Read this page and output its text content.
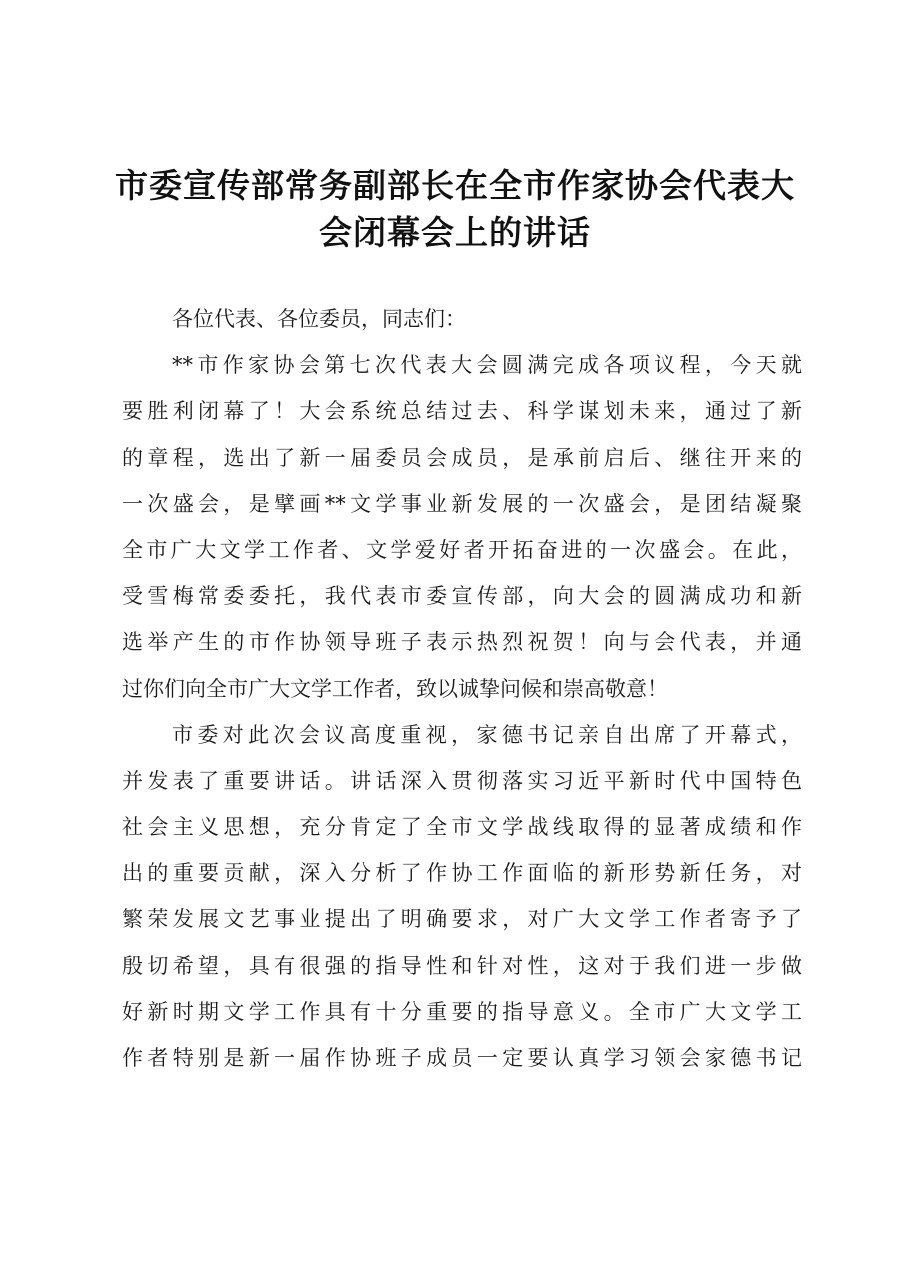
市委宣传部常务副部长在全市作家协会代表大
会闭幕会上的讲话
各位代表、各位委员，同志们：
**市作家协会第七次代表大会圆满完成各项议程，今天就
要胜利闭幕了！大会系统总结过去、科学谋划未来，通过了新
的章程，选出了新一届委员会成员，是承前启后、继往开来的
一次盛会，是擘画**文学事业新发展的一次盛会，是团结凝聚
全市广大文学工作者、文学爱好者开拓奋进的一次盛会。在此，
受雪梅常委委托，我代表市委宣传部，向大会的圆满成功和新
选举产生的市作协领导班子表示热烈祝贺！向与会代表，并通
过你们向全市广大文学工作者，致以诚挚问候和崇高敬意！
市委对此次会议高度重视，家德书记亲自出席了开幕式，
并发表了重要讲话。讲话深入贯彻落实习近平新时代中国特色
社会主义思想，充分肯定了全市文学战线取得的显著成绩和作
出的重要贡献，深入分析了作协工作面临的新形势新任务，对
繁荣发展文艺事业提出了明确要求，对广大文学工作者寄予了
殷切希望，具有很强的指导性和针对性，这对于我们进一步做
好新时期文学工作具有十分重要的指导意义。全市广大文学工
作者特别是新一届作协班子成员一定要认真学习领会家德书记
